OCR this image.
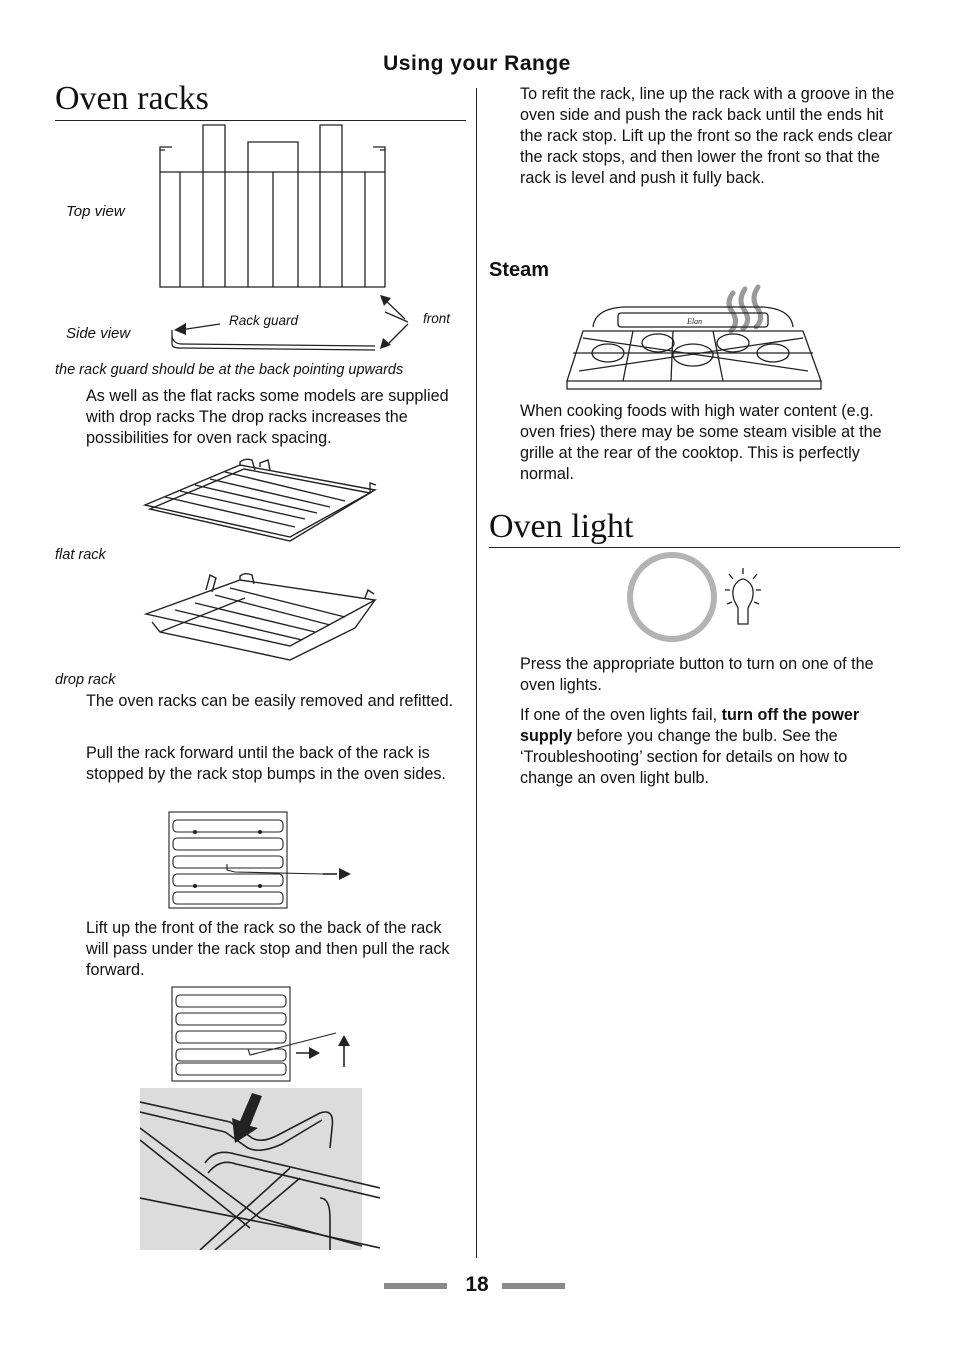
Using your Range
Oven racks
Top view
Side view
Rack guard	front
the rack guard should be at the back pointing upwards
As well as the flat racks some models are supplied with drop racks The drop racks increases the possibilities for oven rack spacing.
flat rack
drop rack
The oven racks can be easily removed and refitted.
Pull the rack forward until the back of the rack is stopped by the rack stop bumps in the oven sides.
Lift up the front of the rack so the back of the rack will pass under the rack stop and then pull the rack forward.
To refit the rack, line up the rack with a groove in the oven side and push the rack back until the ends hit the rack stop. Lift up the front so the rack ends clear the rack stops, and then lower the front so that the rack is level and push it fully back.
Steam
Elan
When cooking foods with high water content (e.g. oven fries) there may be some steam visible at the grille at the rear of the cooktop. This is perfectly normal.
Oven light
Press the appropriate button to turn on one of the oven lights.
If one of the oven lights fail, turn off the power supply before you change the bulb. See the ‘Troubleshooting’ section for details on how to change an oven light bulb.
18
